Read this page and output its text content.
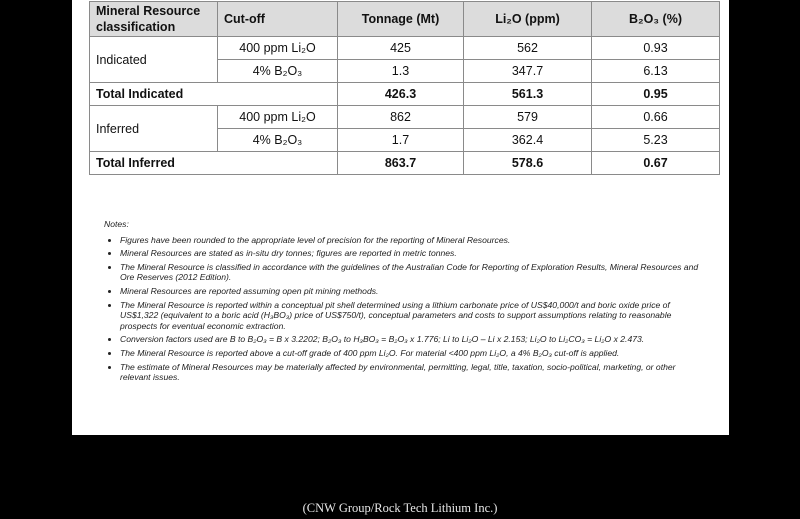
Mineral Resource classification	Cut-off	Tonnage (Mt)	Li₂O (ppm)	B₂O₃ (%)
Indicated	400 ppm Li₂O	425	562	0.93
	4% B₂O₃	1.3	347.7	6.13
Total Indicated		426.3	561.3	0.95
Inferred	400 ppm Li₂O	862	579	0.66
	4% B₂O₃	1.7	362.4	5.23
Total Inferred		863.7	578.6	0.67
Notes:
• Figures have been rounded to the appropriate level of precision for the reporting of Mineral Resources.
• Mineral Resources are stated as in-situ dry tonnes; figures are reported in metric tonnes.
• The Mineral Resource is classified in accordance with the guidelines of the Australian Code for Reporting of Exploration Results, Mineral Resources and Ore Reserves (2012 Edition).
• Mineral Resources are reported assuming open pit mining methods.
• The Mineral Resource is reported within a conceptual pit shell determined using a lithium carbonate price of US$40,000/t and boric oxide price of US$1,322 (equivalent to a boric acid (H₃BO₃) price of US$750/t), conceptual parameters and costs to support assumptions relating to reasonable prospects for eventual economic extraction.
• Conversion factors used are B to B₂O₃ = B x 3.2202; B₂O₃ to H₃BO₃ = B₂O₃ x 1.776; Li to Li₂O – Li x 2.153; Li₂O to Li₂CO₃ = Li₂O x 2.473.
• The Mineral Resource is reported above a cut-off grade of 400 ppm Li₂O. For material <400 ppm Li₂O, a 4% B₂O₃ cut-off is applied.
• The estimate of Mineral Resources may be materially affected by environmental, permitting, legal, title, taxation, socio-political, marketing, or other relevant issues.
(CNW Group/Rock Tech Lithium Inc.)
